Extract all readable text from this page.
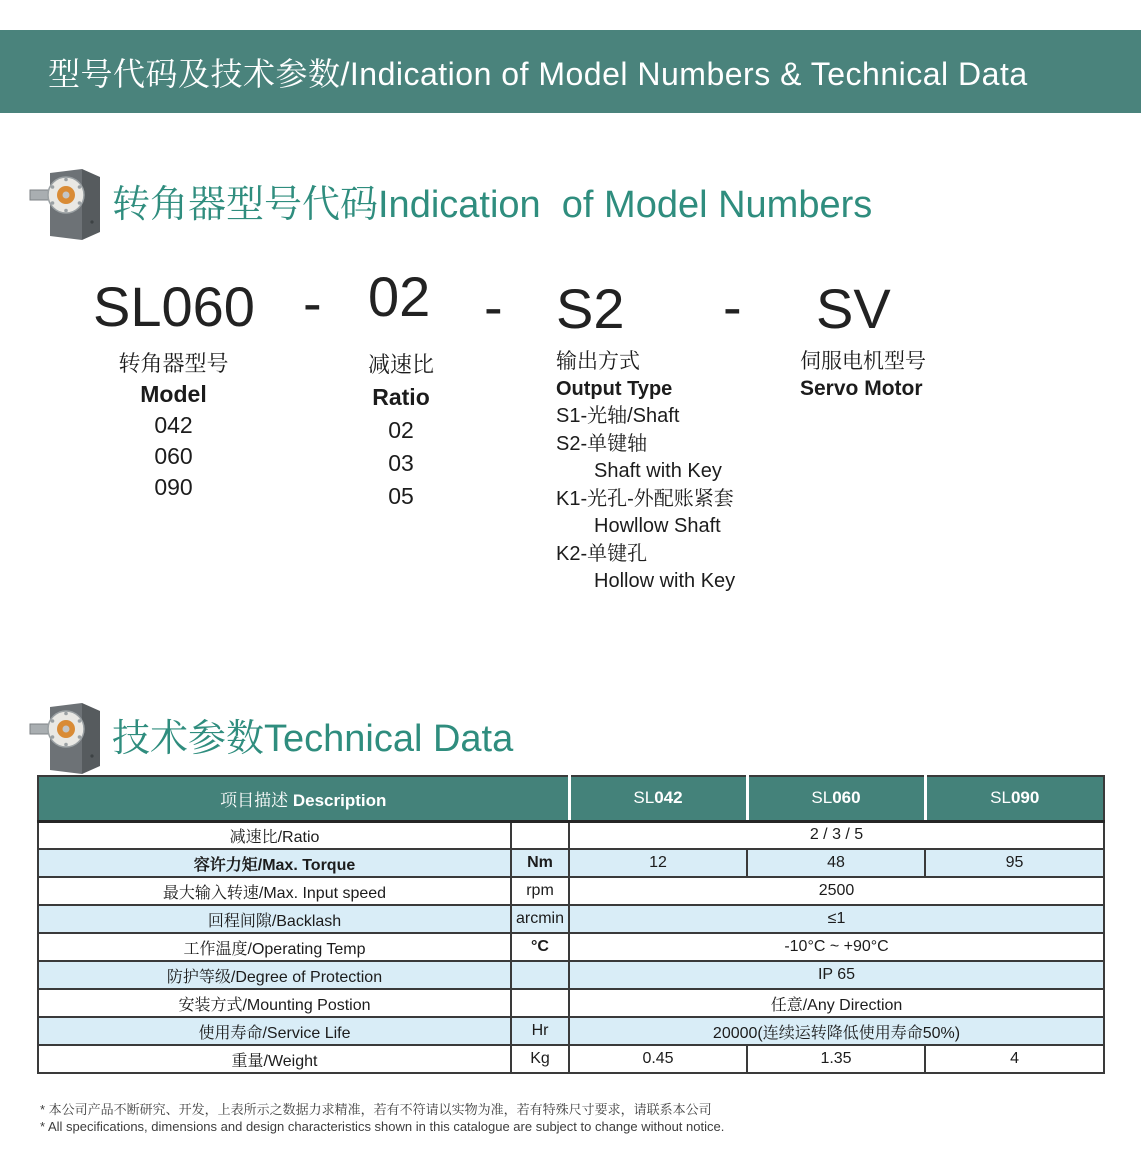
型号代码及技术参数/Indication of Model Numbers & Technical Data
转角器型号代码Indication  of Model Numbers
SL060 - 02 - S2 - SV
转角器型号
Model
042
060
090
减速比
Ratio
02
03
05
输出方式
Output Type
S1-光轴/Shaft
S2-单键轴
Shaft with Key
K1-光孔-外配账紧套
Howllow Shaft
K2-单键孔
Hollow with Key
伺服电机型号
Servo Motor
技术参数Technical Data
项目描述 Description		SL042	SL060	SL090
减速比/Ratio		2 / 3 / 5		
容许力矩/Max. Torque	Nm	12	48	95
最大输入转速/Max. Input speed	rpm	2500		
回程间隙/Backlash	arcmin	≤1		
工作温度/Operating Temp	°C	-10°C ~ +90°C		
防护等级/Degree of Protection		IP 65		
安装方式/Mounting Postion		任意/Any Direction		
使用寿命/Service Life	Hr	20000(连续运转降低使用寿命50%)		
重量/Weight	Kg	0.45	1.35	4
* 本公司产品不断研究、开发，上表所示之数据力求精准，若有不符请以实物为准，若有特殊尺寸要求，请联系本公司
* All specifications, dimensions and design characteristics shown in this catalogue are subject to change without notice.
